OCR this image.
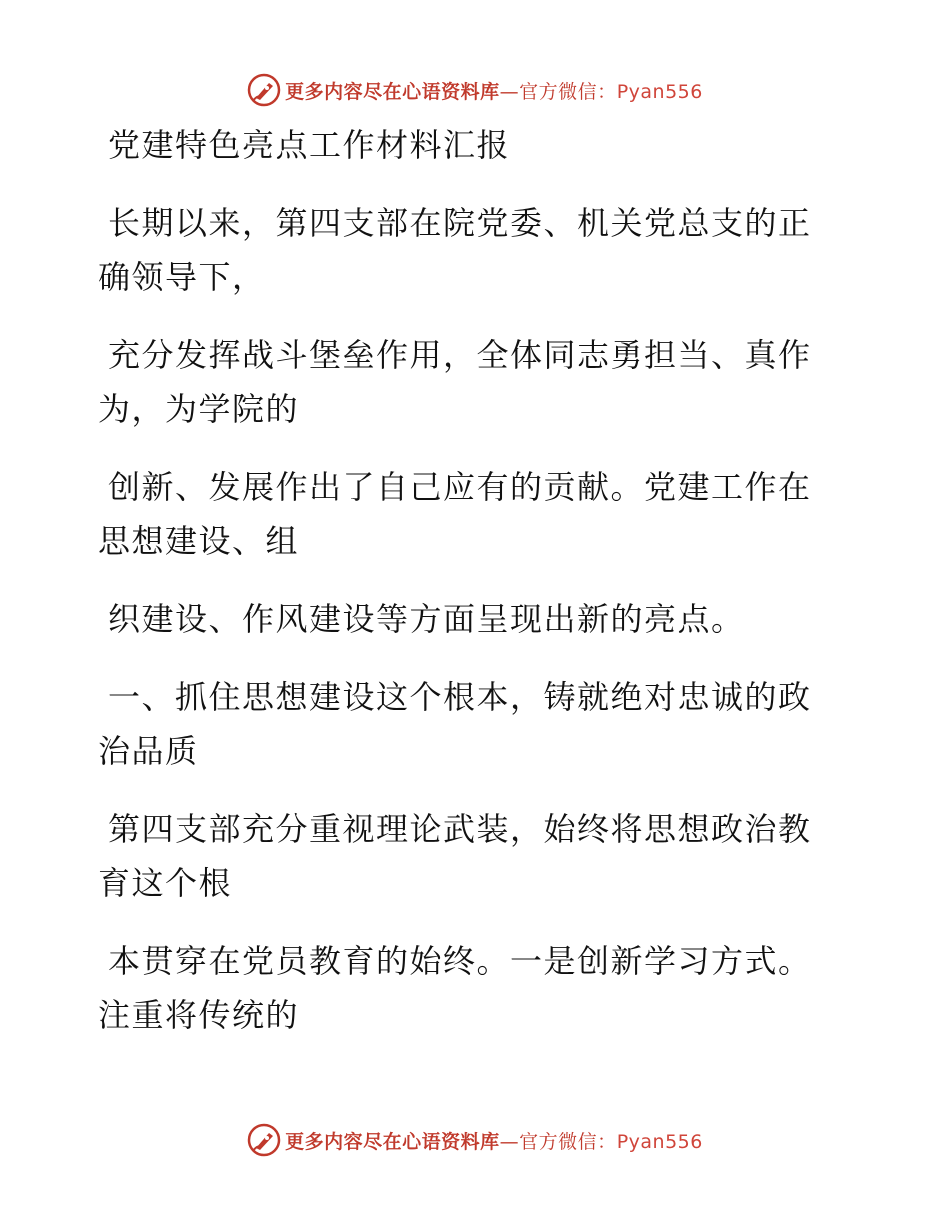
更多内容尽在心语资料库—官方微信：Pyan556

党建特色亮点工作材料汇报

长期以来，第四支部在院党委、机关党总支的正
确领导下，

充分发挥战斗堡垒作用，全体同志勇担当、真作
为，为学院的

创新、发展作出了自己应有的贡献。党建工作在
思想建设、组

织建设、作风建设等方面呈现出新的亮点。

一、抓住思想建设这个根本，铸就绝对忠诚的政
治品质

第四支部充分重视理论武装，始终将思想政治教
育这个根

本贯穿在党员教育的始终。一是创新学习方式。
注重将传统的

更多内容尽在心语资料库—官方微信：Pyan556
